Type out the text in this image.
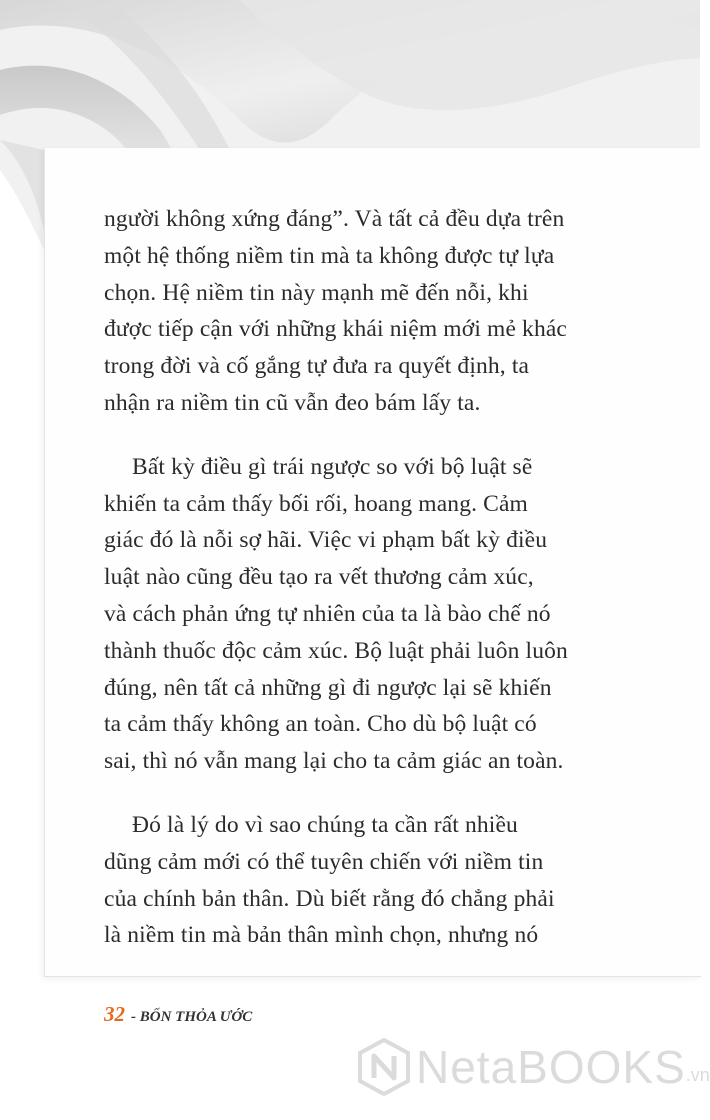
người không xứng đáng”. Và tất cả đều dựa trên
một hệ thống niềm tin mà ta không được tự lựa
chọn. Hệ niềm tin này mạnh mẽ đến nỗi, khi
được tiếp cận với những khái niệm mới mẻ khác
trong đời và cố gắng tự đưa ra quyết định, ta
nhận ra niềm tin cũ vẫn đeo bám lấy ta.
Bất kỳ điều gì trái ngược so với bộ luật sẽ
khiến ta cảm thấy bối rối, hoang mang. Cảm
giác đó là nỗi sợ hãi. Việc vi phạm bất kỳ điều
luật nào cũng đều tạo ra vết thương cảm xúc,
và cách phản ứng tự nhiên của ta là bào chế nó
thành thuốc độc cảm xúc. Bộ luật phải luôn luôn
đúng, nên tất cả những gì đi ngược lại sẽ khiến
ta cảm thấy không an toàn. Cho dù bộ luật có
sai, thì nó vẫn mang lại cho ta cảm giác an toàn.
Đó là lý do vì sao chúng ta cần rất nhiều
dũng cảm mới có thể tuyên chiến với niềm tin
của chính bản thân. Dù biết rằng đó chẳng phải
là niềm tin mà bản thân mình chọn, nhưng nó
32 - BỐN THỎA ƯỚC
NetaBOOKS .vn
